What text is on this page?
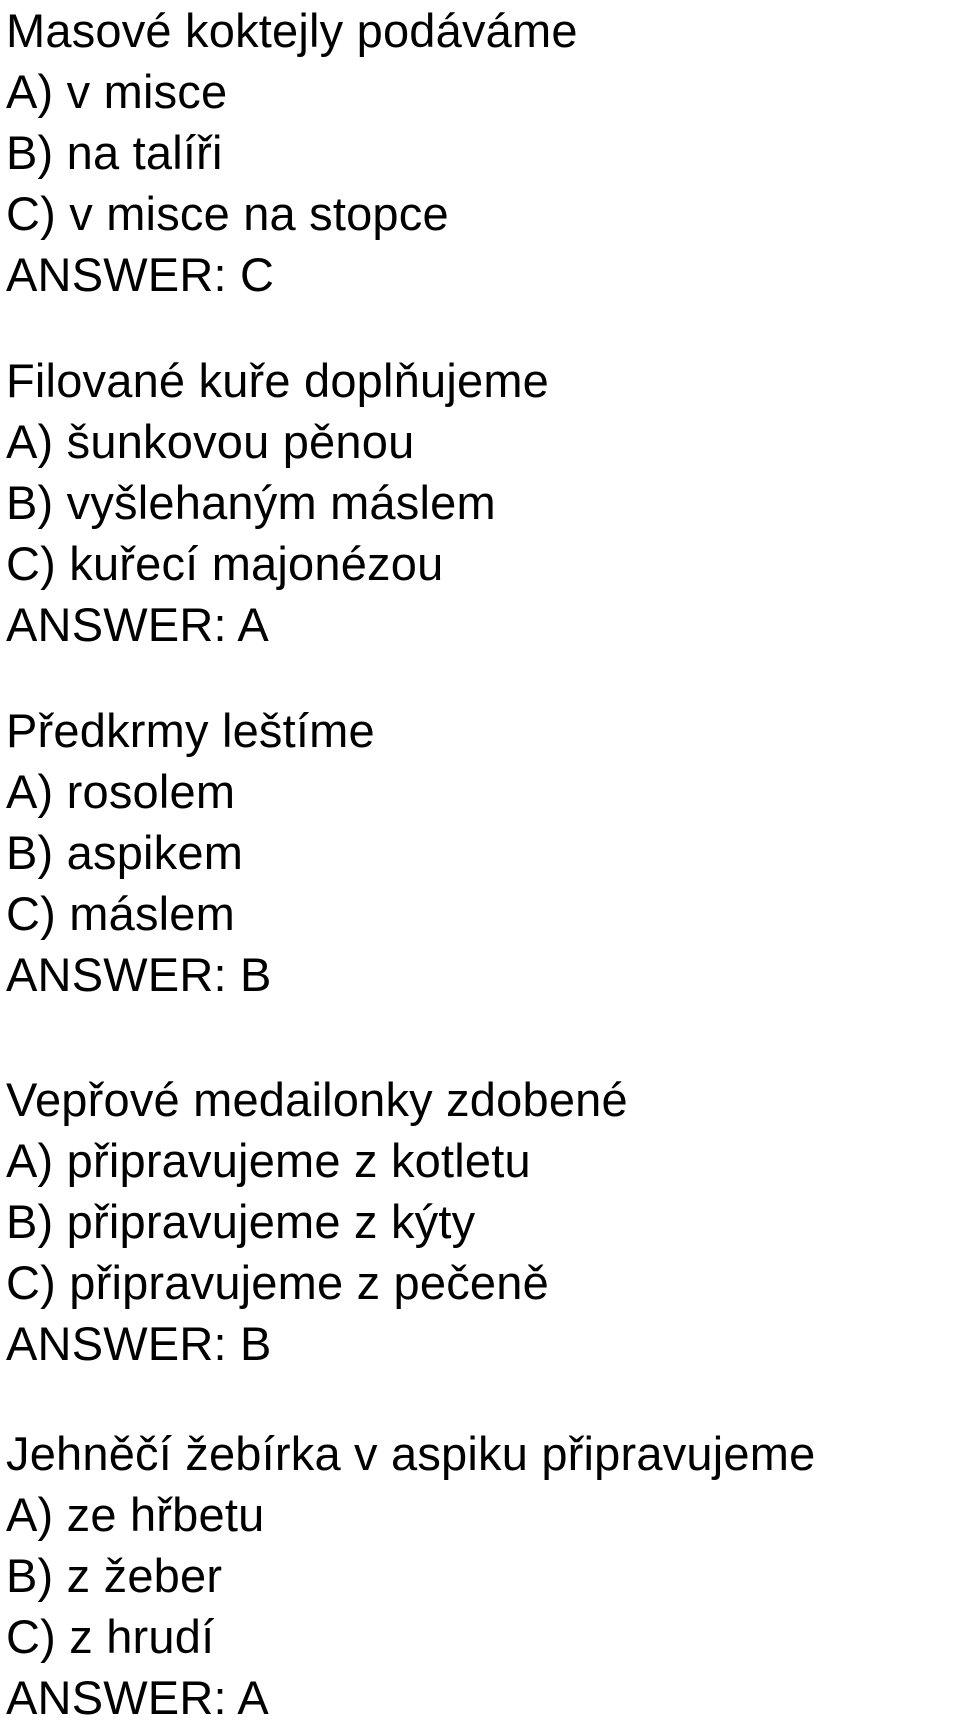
Masové koktejly podáváme
A) v misce
B) na talíři
C) v misce na stopce
ANSWER: C
Filované kuře doplňujeme
A) šunkovou pěnou
B) vyšlehaným máslem
C) kuřecí majonézou
ANSWER: A
Předkrmy leštíme
A) rosolem
B) aspikem
C) máslem
ANSWER: B
Vepřové medailonky zdobené
A) připravujeme z kotletu
B) připravujeme z kýty
C) připravujeme z pečeně
ANSWER: B
Jehněčí žebírka v aspiku připravujeme
A) ze hřbetu
B) z žeber
C) z hrudí
ANSWER: A
